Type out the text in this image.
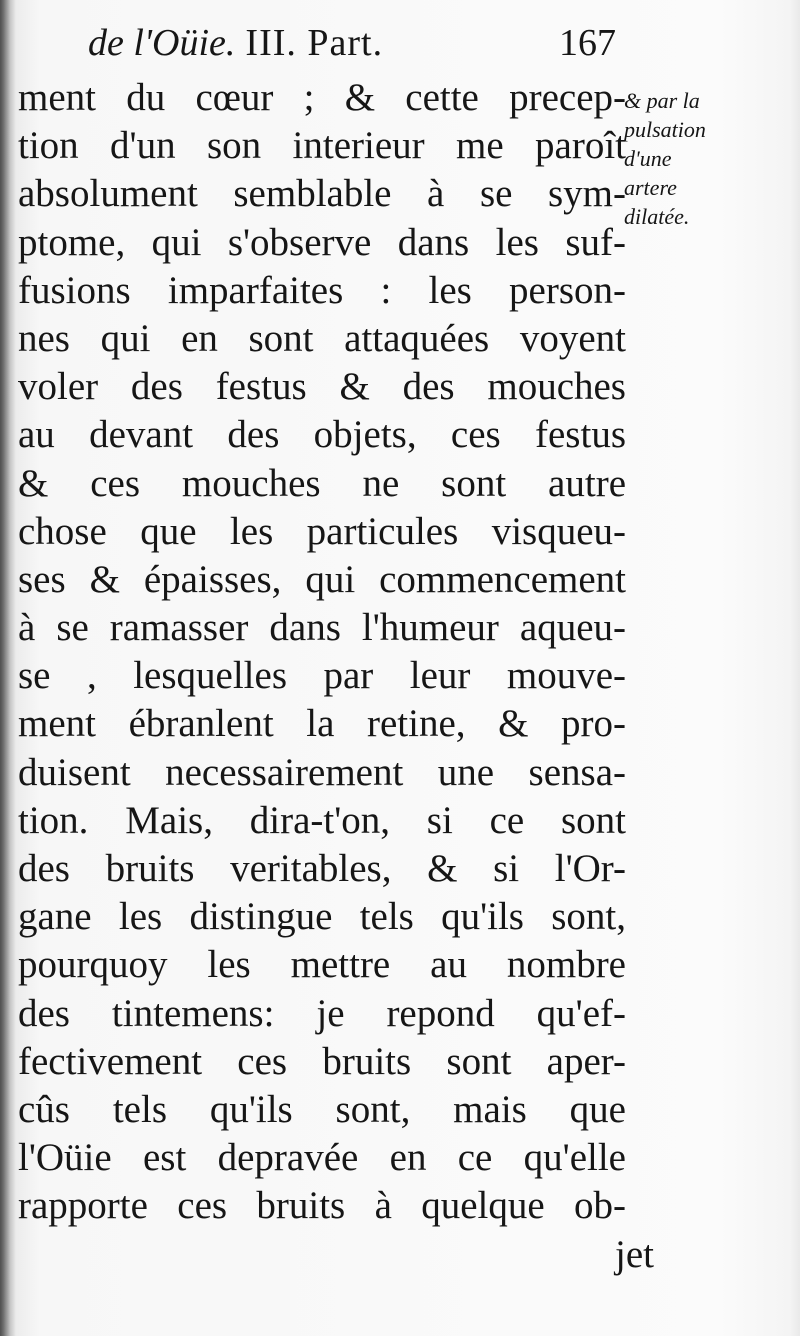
de l'Oüie. III. Part.	167
ment du cœur ; & cette precep-
tion d'un son interieur me paroît
absolument semblable à se sym-
ptome, qui s'observe dans les suf-
fusions imparfaites : les person-
nes qui en sont attaquées voyent
voler des festus & des mouches
au devant des objets, ces festus
& ces mouches ne sont autre
chose que les particules visqueu-
ses & épaisses, qui commencement
à se ramasser dans l'humeur aqueu-
se , lesquelles par leur mouve-
ment ébranlent la retine, & pro-
duisent necessairement une sensa-
tion. Mais, dira-t'on, si ce sont
des bruits veritables, & si l'Or-
gane les distingue tels qu'ils sont,
pourquoy les mettre au nombre
des tintemens: je repond qu'ef-
fectivement ces bruits sont aper-
cûs tels qu'ils sont, mais que
l'Oüie est depravée en ce qu'elle
rapporte ces bruits à quelque ob-
jet
& par la
pulsation
d'une
artere
dilatée.
